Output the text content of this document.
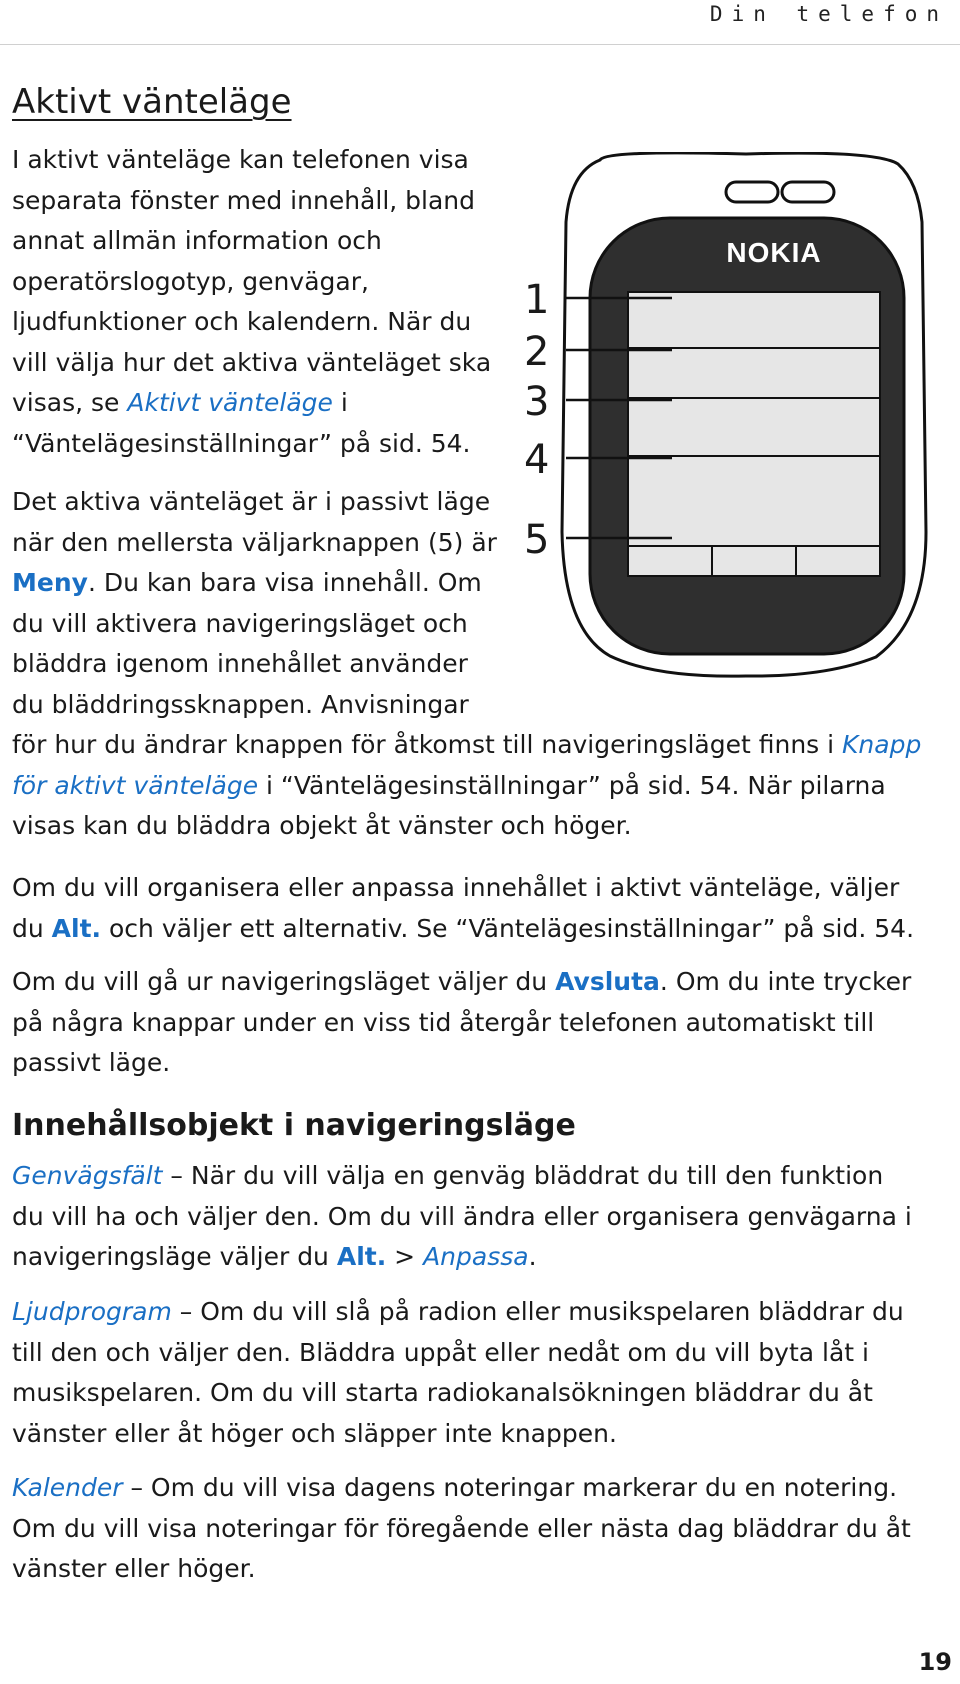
Din telefon
Aktivt vänteläge
I aktivt vänteläge kan telefonen visa
separata fönster med innehåll, bland
annat allmän information och
operatörslogotyp, genvägar,
ljudfunktioner och kalendern. När du
vill välja hur det aktiva vänteläget ska
visas, se Aktivt vänteläge i
“Väntelägesinställningar” på sid. 54.
Det aktiva vänteläget är i passivt läge
när den mellersta väljarknappen (5) är
Meny. Du kan bara visa innehåll. Om
du vill aktivera navigeringsläget och
bläddra igenom innehållet använder
du bläddringssknappen. Anvisningar
för hur du ändrar knappen för åtkomst till navigeringsläget finns i Knapp
för aktivt vänteläge i “Väntelägesinställningar” på sid. 54. När pilarna
visas kan du bläddra objekt åt vänster och höger.
Om du vill organisera eller anpassa innehållet i aktivt vänteläge, väljer
du Alt. och väljer ett alternativ. Se “Väntelägesinställningar” på sid. 54.
Om du vill gå ur navigeringsläget väljer du Avsluta. Om du inte trycker
på några knappar under en viss tid återgår telefonen automatiskt till
passivt läge.
Innehållsobjekt i navigeringsläge
Genvägsfält – När du vill välja en genväg bläddrat du till den funktion
du vill ha och väljer den. Om du vill ändra eller organisera genvägarna i
navigeringsläge väljer du Alt. > Anpassa.
Ljudprogram – Om du vill slå på radion eller musikspelaren bläddrar du
till den och väljer den. Bläddra uppåt eller nedåt om du vill byta låt i
musikspelaren. Om du vill starta radiokanalsökningen bläddrar du åt
vänster eller åt höger och släpper inte knappen.
Kalender – Om du vill visa dagens noteringar markerar du en notering.
Om du vill visa noteringar för föregående eller nästa dag bläddrar du åt
vänster eller höger.
NOKIA
1
2
3
4
5
19
